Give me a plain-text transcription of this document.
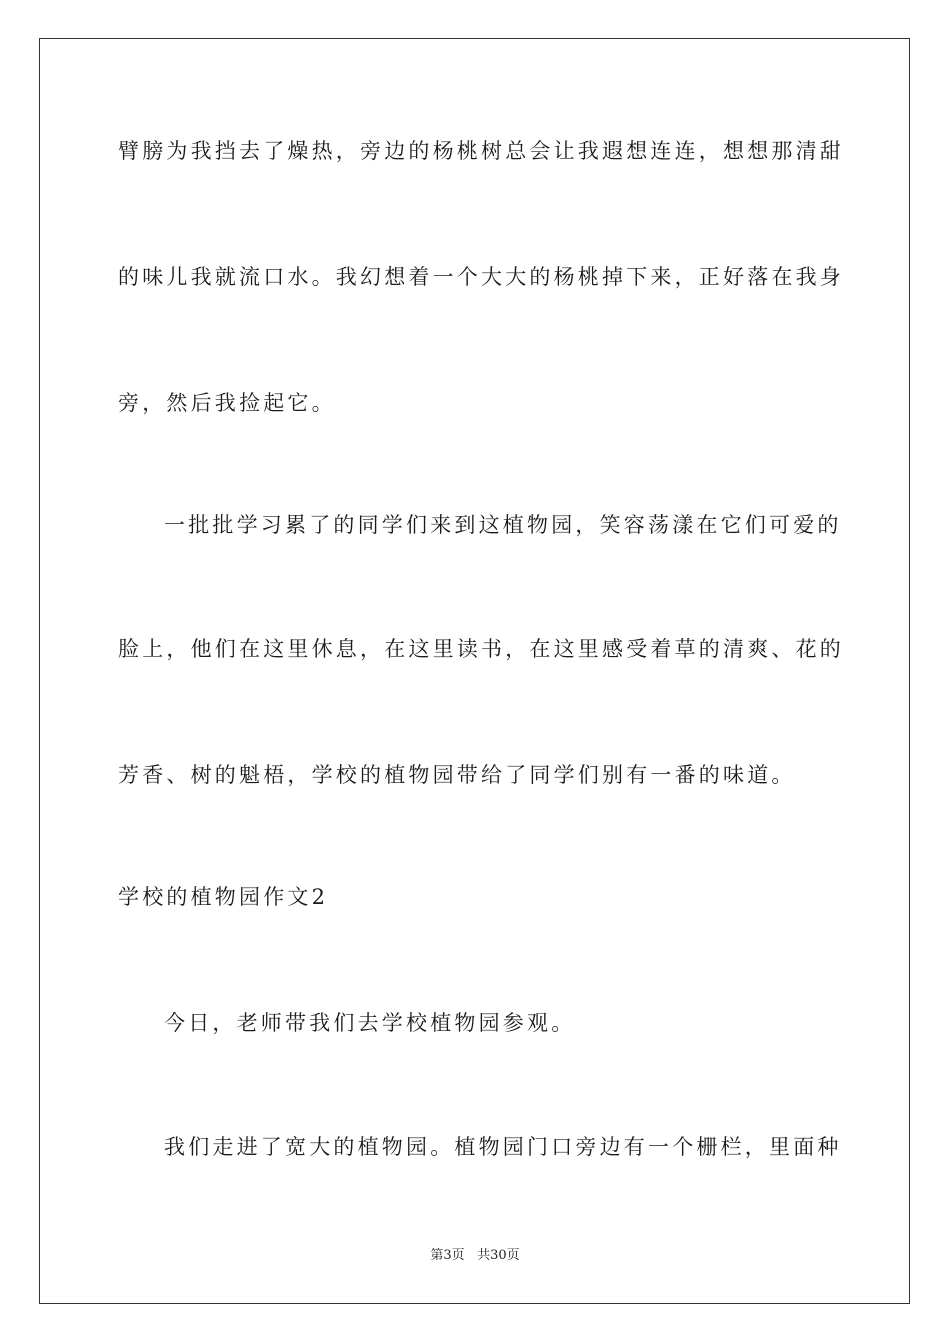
臂膀为我挡去了燥热，旁边的杨桃树总会让我遐想连连，想想那清甜
的味儿我就流口水。我幻想着一个大大的杨桃掉下来，正好落在我身
旁，然后我捡起它。
一批批学习累了的同学们来到这植物园，笑容荡漾在它们可爱的
脸上，他们在这里休息，在这里读书，在这里感受着草的清爽、花的
芳香、树的魁梧，学校的植物园带给了同学们别有一番的味道。
学校的植物园作文2
今日，老师带我们去学校植物园参观。
我们走进了宽大的植物园。植物园门口旁边有一个栅栏，里面种
第3页 共30页
